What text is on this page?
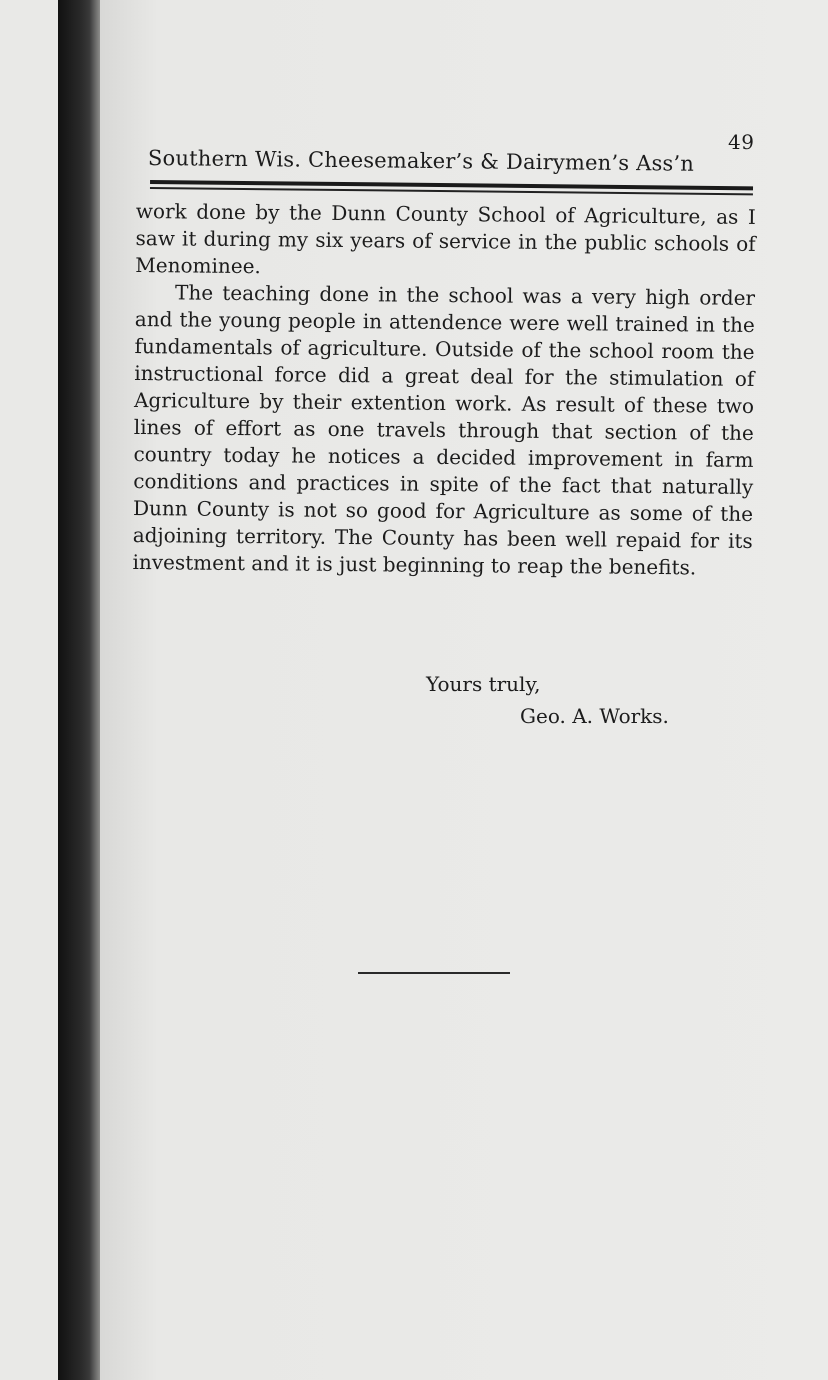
49
Southern Wis. Cheesemaker’s & Dairymen’s Ass’n

work done by the Dunn County School of Agriculture, as I saw it during my six years of service in the public schools of Menominee.

The teaching done in the school was a very high order and the young people in attendence were well trained in the fundamentals of agriculture. Outside of the school room the instructional force did a great deal for the stimulation of Agriculture by their extention work. As result of these two lines of effort as one travels through that section of the country today he notices a decided improvement in farm conditions and practices in spite of the fact that naturally Dunn County is not so good for Agriculture as some of the adjoining territory. The County has been well repaid for its investment and it is just beginning to reap the benefits.

Yours truly,
Geo. A. Works.
